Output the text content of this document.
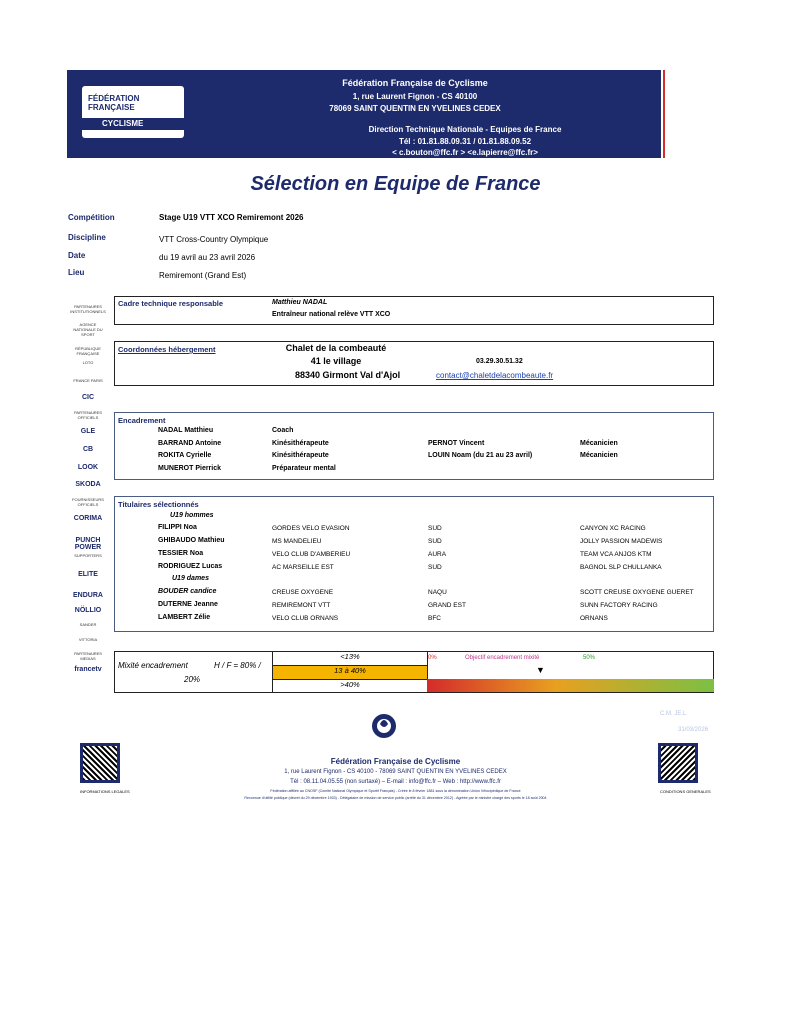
FÉDÉRATION
FRANÇAISE
CYCLISME
Fédération Française de Cyclisme
1, rue Laurent Fignon - CS 40100
78069 SAINT QUENTIN EN YVELINES CEDEX
Direction Technique Nationale - Equipes de France
Tél : 01.81.88.09.31 / 01.81.88.09.52
< c.bouton@ffc.fr > <e.lapierre@ffc.fr>
Sélection en Equipe de France
Compétition	Stage U19 VTT XCO Remiremont 2026
Discipline	VTT Cross-Country Olympique
Date	du 19 avril au 23 avril 2026
Lieu	Remiremont (Grand Est)
Cadre technique responsable	Matthieu NADAL
Entraîneur national relève VTT XCO
Coordonnées hébergement	Chalet de la combeauté
41 le village
88340 Girmont Val d'Ajol
03.29.30.51.32
contact@chaletdelacombeaute.fr
Encadrement
Titulaires sélectionnés
U19 hommes
U19 dames
Mixité encadrement	H / F = 80% /
20%
<13%
13 à 40%
>40%
0%	Objectif encadrement mixité	50%
▼
C.M. JE.L
31/03/2026
INFORMATIONS LEGALES	CONDITIONS GENERALES
Fédération Française de Cyclisme
1, rue Laurent Fignon - CS 40100 - 78069 SAINT QUENTIN EN YVELINES CEDEX
Tél : 08.11.04.05.55 (non surtaxé) – E-mail : info@ffc.fr – Web : http://www.ffc.fr
Fédération affiliée au CNOSF (Comité National Olympique et Sportif Français) - Créée le 8 février 1881 sous la dénomination Union Vélocipédique de France
Reconnue d'utilité publique (décret du 29 décembre 1933) - Délégataire de mission de service public (arrêté du 31 décembre 2012) - Agréée par le ministre chargé des sports le 18 août 2004
NADAL Matthieu	Coach
BARRAND Antoine	Kinésithérapeute	PERNOT Vincent	Mécanicien
ROKITA Cyrielle	Kinésithérapeute	LOUIN Noam (du 21 au 23 avril)	Mécanicien
MUNEROT Pierrick	Préparateur mental
FILIPPI Noa	GORDES VELO EVASION	SUD	CANYON XC RACING
GHIBAUDO Mathieu	MS MANDELIEU	SUD	JOLLY PASSION MADEWIS
TESSIER Noa	VELO CLUB D'AMBERIEU	AURA	TEAM VCA ANJOS KTM
RODRIGUEZ Lucas	AC MARSEILLE EST	SUD	BAGNOL SLP CHULLANKA
BOUDER candice	CREUSE OXYGENE	NAQU	SCOTT CREUSE OXYGENE GUERET
DUTERNE Jeanne	REMIREMONT VTT	GRAND EST	SUNN FACTORY RACING
LAMBERT Zélie	VELO CLUB ORNANS	BFC	ORNANS
PARTENAIRES INSTITUTIONNELS
AGENCE NATIONALE DU SPORT
RÉPUBLIQUE FRANÇAISE
LOTO
FRANCE PARIS
CIC
PARTENAIRES OFFICIELS
GLE
CB
LOOK
SKODA
FOURNISSEURS OFFICIELS
CORIMA
PUNCH POWER
SUPPORTERS
ELITE
ENDURA
NÖLLIO
SANDER
VITTORIA
PARTENAIRES MEDIAS
francetv
